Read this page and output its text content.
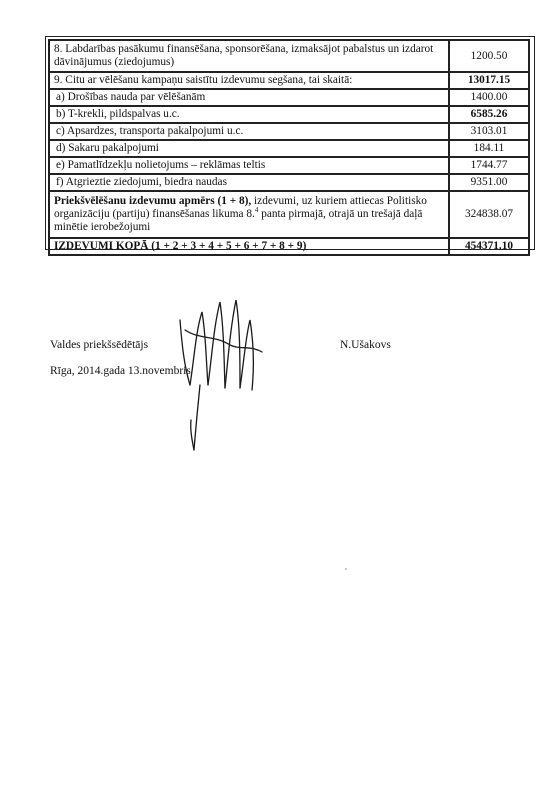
8. Labdarības pasākumu finansēšana, sponsorēšana, izmaksājot pabalstus un izdarot dāvinājumus (ziedojumus)	1200.50
9. Citu ar vēlēšanu kampaņu saistītu izdevumu segšana, tai skaitā:	13017.15
a) Drošības nauda par vēlēšanām	1400.00
b) T-krekli, pildspalvas u.c.	6585.26
c) Apsardzes, transporta pakalpojumi u.c.	3103.01
d) Sakaru pakalpojumi	184.11
e) Pamatlīdzekļu nolietojums – reklāmas teltis	1744.77
f) Atgrieztie ziedojumi, biedra naudas	9351.00
Priekšvēlēšanu izdevumu apmērs (1 + 8), izdevumi, uz kuriem attiecas Politisko organizāciju (partiju) finansēšanas likuma 8.$^4$ panta pirmajā, otrajā un trešajā daļā minētie ierobežojumi	324838.07
IZDEVUMI KOPĀ (1 + 2 + 3 + 4 + 5 + 6 + 7 + 8 + 9)	454371.10
Valdes priekšsēdētājs	N.Ušakovs
Rīga, 2014.gada 13.novembris
